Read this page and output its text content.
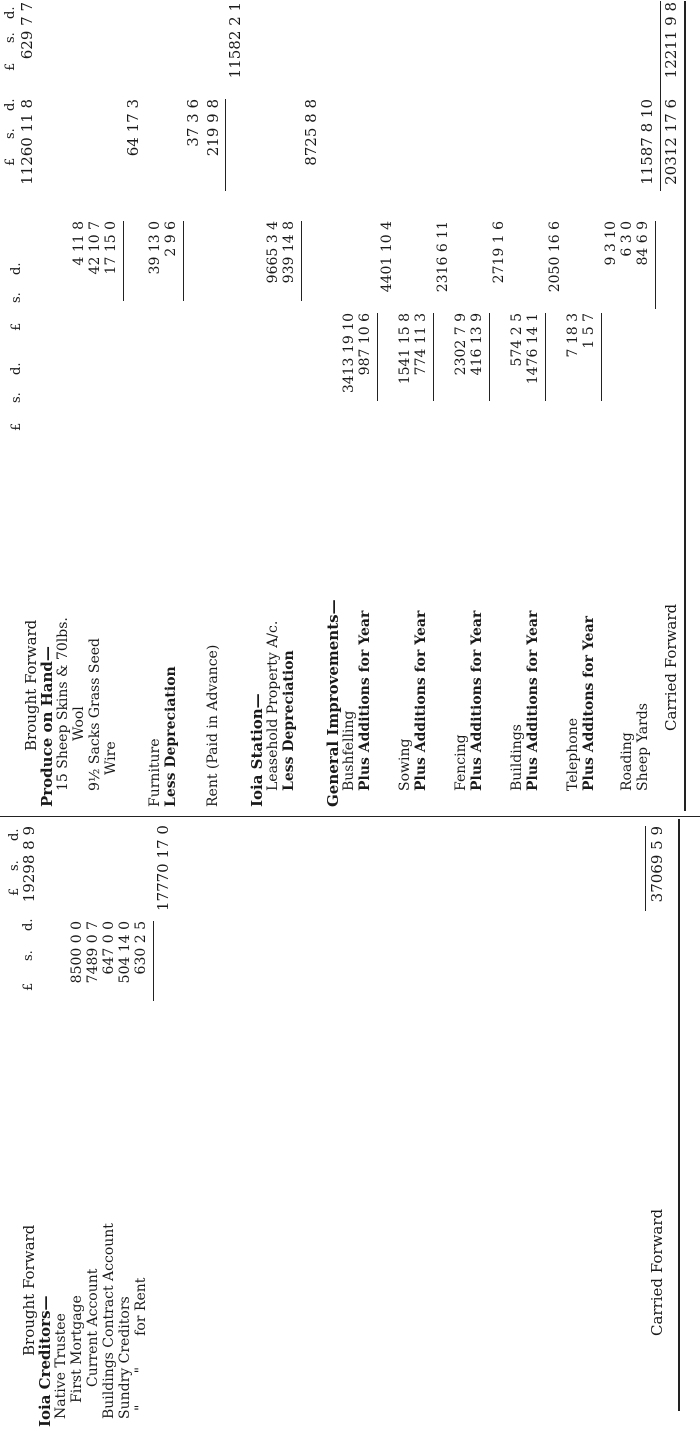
£
s.
d.
£
s.
d.
Brought Forward
19298 8 9
Ioia Creditors— Native Trustee First Mortgage
8500 0 0
Current Account
7489 0 7
Buildings Contract Account
647 0 0
Sundry Creditors
504 14 0
"       "       for Rent
630 2 5
17770 17 0
Carried Forward
37069 5 9
£
s.
d.
£
s.
d.
£
s.
d.
£
s.
d.
Brought Forward
11260 11 8
629 7 7
Produce on Hand— 15 Sheep Skins & 70lbs. Wool
4 11 8
9½ Sacks Grass Seed
42 10 7
Wire
17 15 0
64 17 3
Furniture
39 13 0
Less Depreciation
2 9 6
37 3 6
Rent (Paid in Advance)
219 9 8
11582 2 1
Ioia Station— Leasehold Property A/c.
9665 3 4
Less Depreciation
939 14 8
8725 8 8
General Improvements— Bushfelling
3413 19 10
Plus Additions for Year
987 10 6
4401 10 4
Sowing
1541 15 8
Plus Additions for Year
774 11 3
2316 6 11
Fencing
2302 7 9
Plus Additions for Year
416 13 9
2719 1 6
Buildings
574 2 5
Plus Additions for Year
1476 14 1
2050 16 6
Telephone
7 18 3
Plus Additons for Year
1 5 7
9 3 10
Roading
6 3 0
Sheep Yards
84 6 9
11587 8 10
Carried Forward
20312 17 6
12211 9 8
